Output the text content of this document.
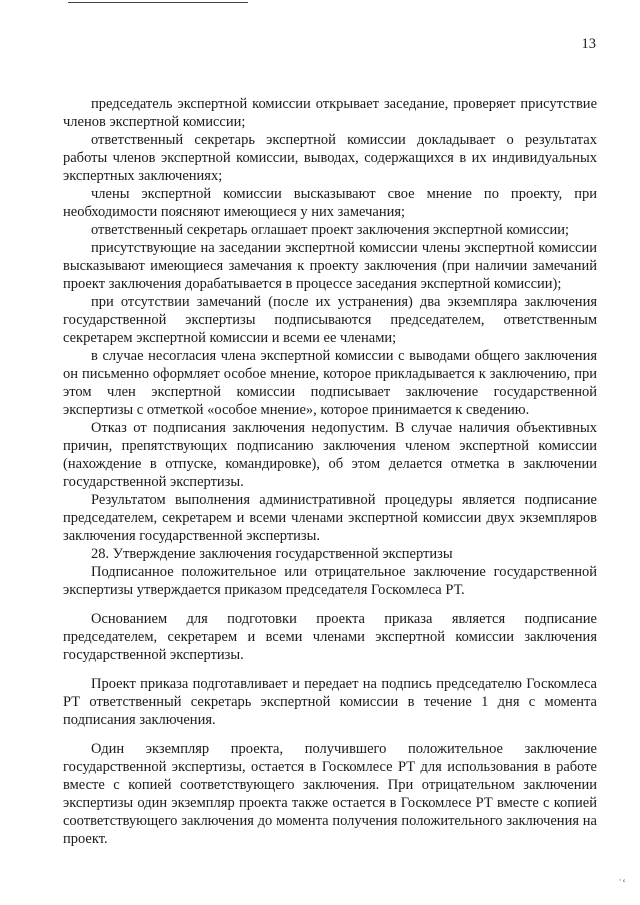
13

председатель экспертной комиссии открывает заседание, проверяет присутствие членов экспертной комиссии;

ответственный секретарь экспертной комиссии докладывает о результатах работы членов экспертной комиссии, выводах, содержащихся в их индивидуальных экспертных заключениях;

члены экспертной комиссии высказывают свое мнение по проекту, при необходимости поясняют имеющиеся у них замечания;

ответственный секретарь оглашает проект заключения экспертной комиссии;

присутствующие на заседании экспертной комиссии члены экспертной комиссии высказывают имеющиеся замечания к проекту заключения (при наличии замечаний проект заключения дорабатывается в процессе заседания экспертной комиссии);

при отсутствии замечаний (после их устранения) два экземпляра заключения государственной экспертизы подписываются председателем, ответственным секретарем экспертной комиссии и всеми ее членами;

в случае несогласия члена экспертной комиссии с выводами общего заключения он письменно оформляет особое мнение, которое прикладывается к заключению, при этом член экспертной комиссии подписывает заключение государственной экспертизы с отметкой «особое мнение», которое принимается к сведению.

Отказ от подписания заключения недопустим. В случае наличия объективных причин, препятствующих подписанию заключения членом экспертной комиссии (нахождение в отпуске, командировке), об этом делается отметка в заключении государственной экспертизы.

Результатом выполнения административной процедуры является подписание председателем, секретарем и всеми членами экспертной комиссии двух экземпляров заключения государственной экспертизы.

28. Утверждение заключения государственной экспертизы

Подписанное положительное или отрицательное заключение государственной экспертизы утверждается приказом председателя Госкомлеса РТ.

Основанием для подготовки проекта приказа является подписание председателем, секретарем и всеми членами экспертной комиссии заключения государственной экспертизы.

Проект приказа подготавливает и передает на подпись председателю Госкомлеса РТ ответственный секретарь экспертной комиссии в течение 1 дня с момента подписания заключения.

Один экземпляр проекта, получившего положительное заключение государственной экспертизы, остается в Госкомлесе РТ для использования в работе вместе с копией соответствующего заключения. При отрицательном заключении экспертизы один экземпляр проекта также остается в Госкомлесе РТ вместе с копией соответствующего заключения до момента получения положительного заключения на проект.

˙ʻ
